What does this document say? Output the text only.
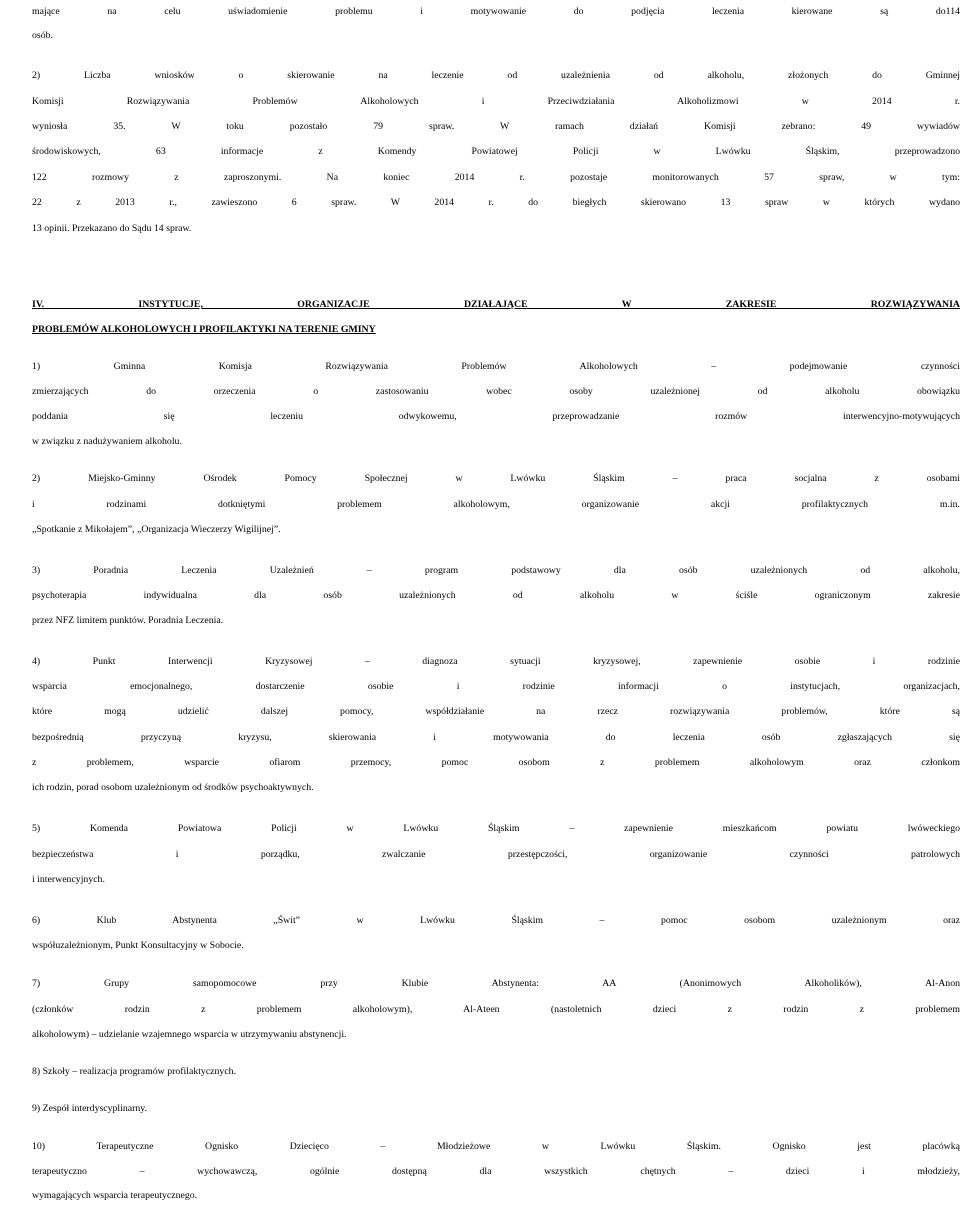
mające na celu uświadomienie problemu i motywowanie do podjęcia leczenia kierowane są do114
osób.
2) Liczba wniosków o skierowanie na leczenie od uzależnienia od alkoholu, złożonych do Gminnej
Komisji Rozwiązywania Problemów Alkoholowych i Przeciwdziałania Alkoholizmowi w 2014 r.
wyniosła 35. W toku pozostało 79 spraw. W ramach działań Komisji zebrano: 49 wywiadów
środowiskowych, 63 informacje z Komendy Powiatowej Policji w Lwówku Śląskim, przeprowadzono
122 rozmowy z zaproszonymi. Na koniec 2014 r. pozostaje monitorowanych 57 spraw, w tym:
22 z 2013 r., zawieszono 6 spraw. W 2014 r. do biegłych skierowano 13 spraw w których wydano
13 opinii. Przekazano do Sądu 14 spraw.
IV. INSTYTUCJE, ORGANIZACJE DZIAŁAJĄCE W ZAKRESIE ROZWIĄZYWANIA
PROBLEMÓW ALKOHOLOWYCH I PROFILAKTYKI NA TERENIE GMINY
1) Gminna Komisja Rozwiązywania Problemów Alkoholowych – podejmowanie czynności
zmierzających do orzeczenia o zastosowaniu wobec osoby uzależnionej od alkoholu obowiązku
poddania się leczeniu odwykowemu, przeprowadzanie rozmów interwencyjno-motywujących
w związku z nadużywaniem alkoholu.
2) Miejsko-Gminny Ośrodek Pomocy Społecznej w Lwówku Śląskim – praca socjalna z osobami
i rodzinami dotkniętymi problemem alkoholowym, organizowanie akcji profilaktycznych m.in.
„Spotkanie z Mikołajem”, „Organizacja Wieczerzy Wigilijnej”.
3) Poradnia Leczenia Uzależnień – program podstawowy dla osób uzależnionych od alkoholu,
psychoterapia indywidualna dla osób uzależnionych od alkoholu w ściśle ograniczonym zakresie
przez NFZ limitem punktów. Poradnia Leczenia.
4) Punkt Interwencji Kryzysowej – diagnoza sytuacji kryzysowej, zapewnienie osobie i rodzinie
wsparcia emocjonalnego, dostarczenie osobie i rodzinie informacji o instytucjach, organizacjach,
które mogą udzielić dalszej pomocy, współdziałanie na rzecz rozwiązywania problemów, które są
bezpośrednią przyczyną kryzysu, skierowania i motywowania do leczenia osób zgłaszających się
z problemem, wsparcie ofiarom przemocy, pomoc osobom z problemem alkoholowym oraz członkom
ich rodzin, porad osobom uzależnionym od środków psychoaktywnych.
5) Komenda Powiatowa Policji w Lwówku Śląskim – zapewnienie mieszkańcom powiatu lwóweckiego
bezpieczeństwa i porządku, zwalczanie przestępczości, organizowanie czynności patrolowych
i interwencyjnych.
6) Klub Abstynenta „Świt” w Lwówku Śląskim – pomoc osobom uzależnionym oraz
współuzależnionym, Punkt Konsultacyjny w Sobocie.
7) Grupy samopomocowe przy Klubie Abstynenta: AA (Anonimowych Alkoholików), Al-Anon
(członków rodzin z problemem alkoholowym), Al-Ateen (nastoletnich dzieci z rodzin z problemem
alkoholowym) – udzielanie wzajemnego wsparcia w utrzymywaniu abstynencji.
8) Szkoły – realizacja programów profilaktycznych.
9) Zespół interdyscyplinarny.
10) Terapeutyczne Ognisko Dziecięco – Młodzieżowe w Lwówku Śląskim. Ognisko jest placówką
terapeutyczno – wychowawczą, ogólnie dostępną dla wszystkich chętnych – dzieci i młodzieży,
wymagających wsparcia terapeutycznego.
